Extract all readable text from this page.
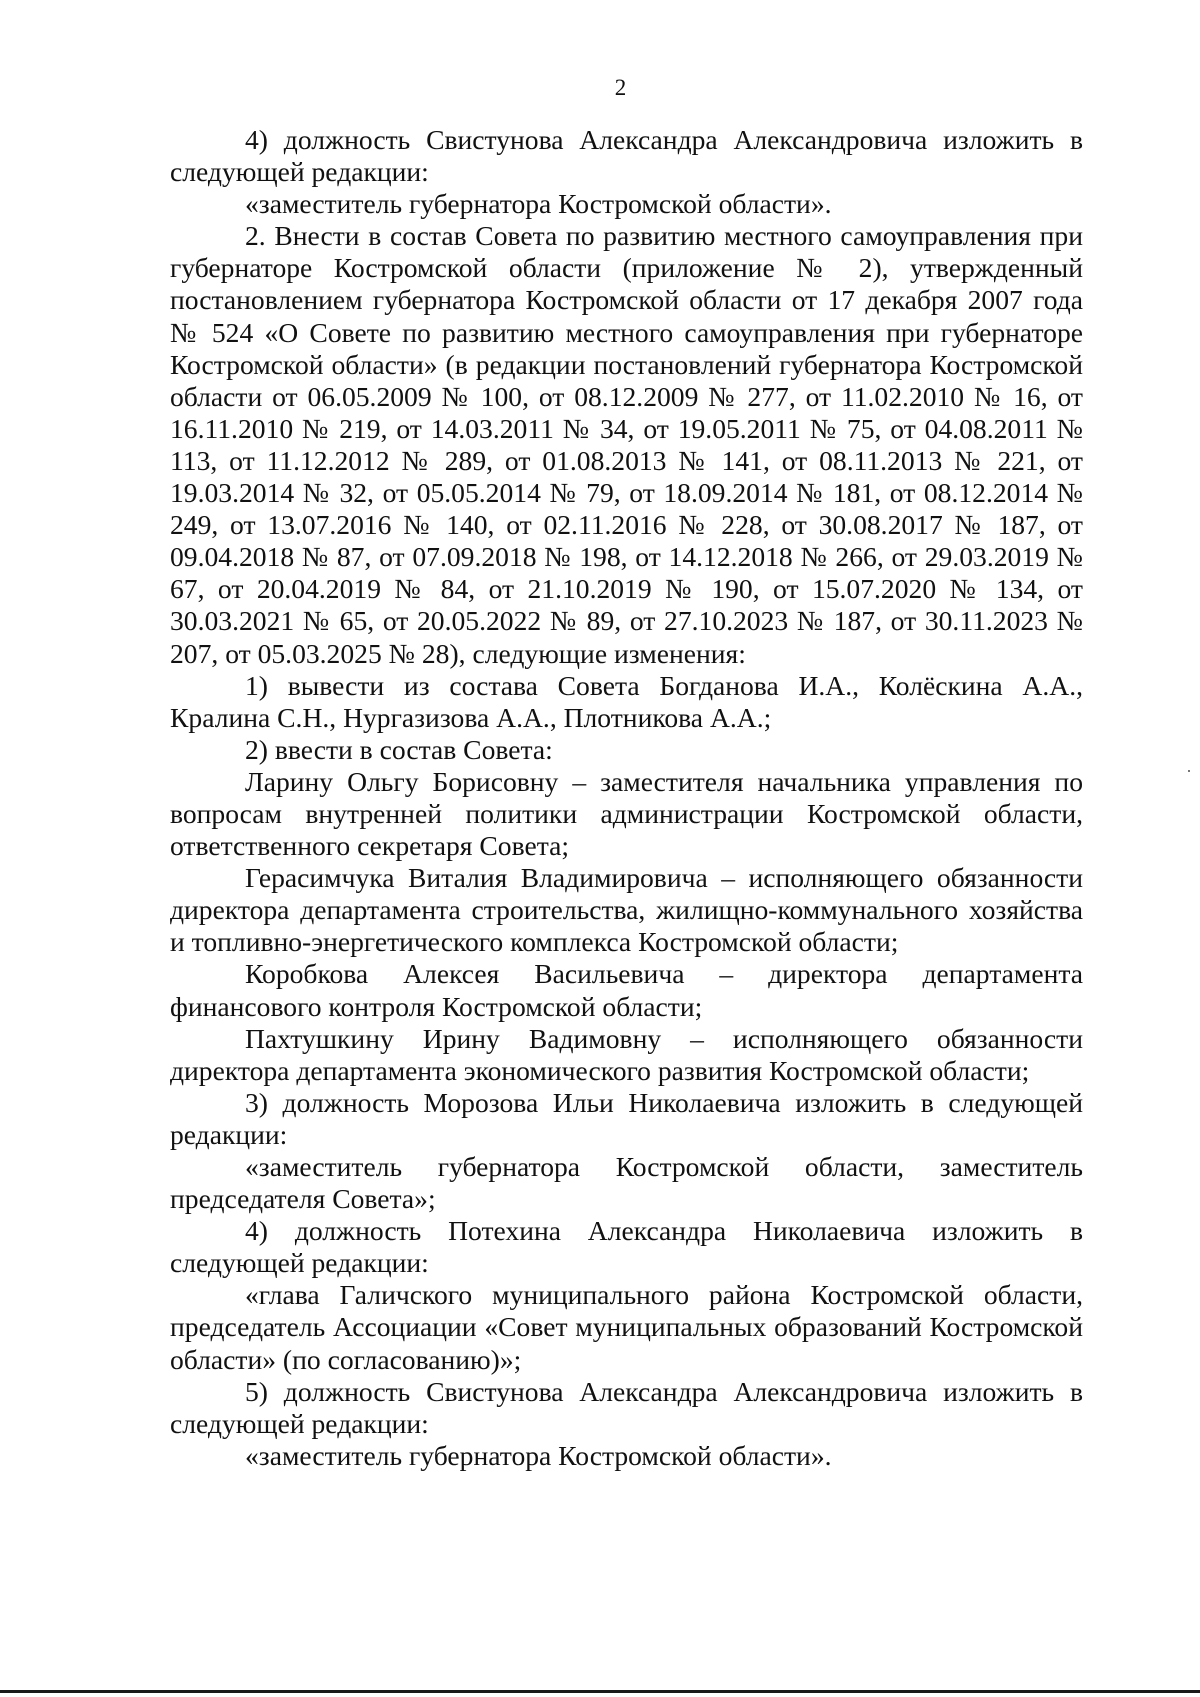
2

4) должность Свистунова Александра Александровича изложить в следующей редакции:

«заместитель губернатора Костромской области».

2. Внести в состав Совета по развитию местного самоуправления при губернаторе Костромской области (приложение № 2), утвержденный постановлением губернатора Костромской области от 17 декабря 2007 года № 524 «О Совете по развитию местного самоуправления при губернаторе Костромской области» (в редакции постановлений губернатора Костромской области от 06.05.2009 № 100, от 08.12.2009 № 277, от 11.02.2010 № 16, от 16.11.2010 № 219, от 14.03.2011 № 34, от 19.05.2011 № 75, от 04.08.2011 № 113, от 11.12.2012 № 289, от 01.08.2013 № 141, от 08.11.2013 № 221, от 19.03.2014 № 32, от 05.05.2014 № 79, от 18.09.2014 № 181, от 08.12.2014 № 249, от 13.07.2016 № 140, от 02.11.2016 № 228, от 30.08.2017 № 187, от 09.04.2018 № 87, от 07.09.2018 № 198, от 14.12.2018 № 266, от 29.03.2019 № 67, от 20.04.2019 № 84, от 21.10.2019 № 190, от 15.07.2020 № 134, от 30.03.2021 № 65, от 20.05.2022 № 89, от 27.10.2023 № 187, от 30.11.2023 № 207, от 05.03.2025 № 28), следующие изменения:

1) вывести из состава Совета Богданова И.А., Колёскина А.А., Кралина С.Н., Нургазизова А.А., Плотникова А.А.;

2) ввести в состав Совета:

Ларину Ольгу Борисовну – заместителя начальника управления по вопросам внутренней политики администрации Костромской области, ответственного секретаря Совета;

Герасимчука Виталия Владимировича – исполняющего обязанности директора департамента строительства, жилищно-коммунального хозяйства и топливно-энергетического комплекса Костромской области;

Коробкова Алексея Васильевича – директора департамента финансового контроля Костромской области;

Пахтушкину Ирину Вадимовну – исполняющего обязанности директора департамента экономического развития Костромской области;

3) должность Морозова Ильи Николаевича изложить в следующей редакции:

«заместитель губернатора Костромской области, заместитель председателя Совета»;

4) должность Потехина Александра Николаевича изложить в следующей редакции:

«глава Галичского муниципального района Костромской области, председатель Ассоциации «Совет муниципальных образований Костромской области» (по согласованию)»;

5) должность Свистунова Александра Александровича изложить в следующей редакции:

«заместитель губернатора Костромской области».
